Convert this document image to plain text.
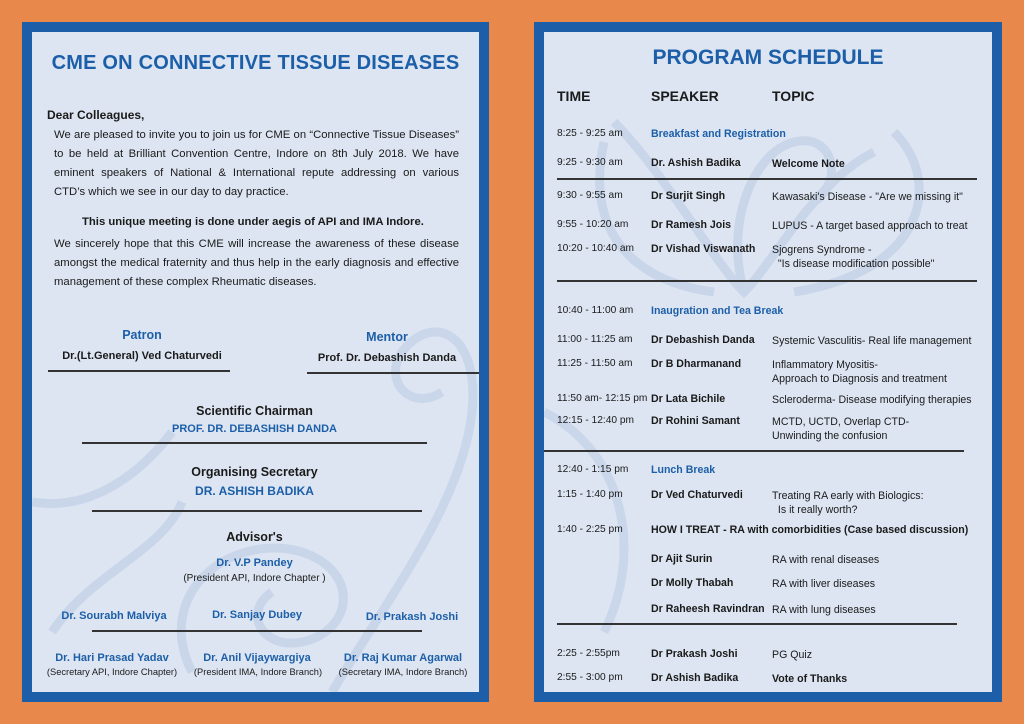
CME ON CONNECTIVE TISSUE DISEASES
Dear Colleagues,
We are pleased to invite you to join us for CME on “Connective Tissue Diseases” to be held at Brilliant Convention Centre, Indore on 8th July 2018. We have eminent speakers of National & International repute addressing on various CTD’s which we see in our day to day practice.
This unique meeting is done under aegis of API and IMA Indore.
We sincerely hope that this CME will increase the awareness of these disease amongst the medical fraternity and thus help in the early diagnosis and effective management of these complex Rheumatic diseases.
Patron
Dr.(Lt.General) Ved Chaturvedi
Mentor
Prof. Dr. Debashish Danda
Scientific Chairman
PROF. DR. DEBASHISH DANDA
Organising Secretary
DR. ASHISH BADIKA
Advisor's
Dr. V.P Pandey
(President API, Indore Chapter )
Dr. Sourabh Malviya	Dr. Sanjay Dubey	Dr. Prakash Joshi
Dr. Hari Prasad Yadav
(Secretary API, Indore Chapter)
Dr. Anil Vijaywargiya
(President IMA, Indore Branch)
Dr. Raj Kumar Agarwal
(Secretary IMA, Indore Branch)
PROGRAM SCHEDULE
TIME	SPEAKER	TOPIC
8:25 - 9:25 am	Breakfast and Registration
9:25 - 9:30 am	Dr. Ashish Badika	Welcome Note
9:30 - 9:55 am	Dr Surjit Singh	Kawasaki's Disease - "Are we missing it"
9:55 - 10:20 am	Dr Ramesh Jois	LUPUS - A target based approach to treat
10:20 - 10:40 am	Dr Vishad Viswanath	Sjogrens Syndrome -
"Is disease modification possible"
10:40 - 11:00 am	Inaugration and Tea Break
11:00 - 11:25 am	Dr Debashish Danda	Systemic Vasculitis- Real life management
11:25 - 11:50 am	Dr B Dharmanand	Inflammatory Myositis-
Approach to Diagnosis and treatment
11:50 am- 12:15 pm Dr Lata Bichile	Scleroderma- Disease modifying therapies
12:15 - 12:40 pm	Dr Rohini Samant	MCTD, UCTD, Overlap CTD-
Unwinding the confusion
12:40 - 1:15 pm	Lunch Break
1:15 - 1:40 pm	Dr Ved Chaturvedi	Treating RA early with Biologics:
Is it really worth?
1:40 - 2:25 pm	HOW I TREAT - RA with comorbidities (Case based discussion)
Dr Ajit Surin	RA with renal diseases
Dr Molly Thabah	RA with liver diseases
Dr Raheesh Ravindran RA with lung diseases
2:25 - 2:55pm	Dr Prakash Joshi	PG Quiz
2:55 - 3:00 pm	Dr Ashish Badika	Vote of Thanks
